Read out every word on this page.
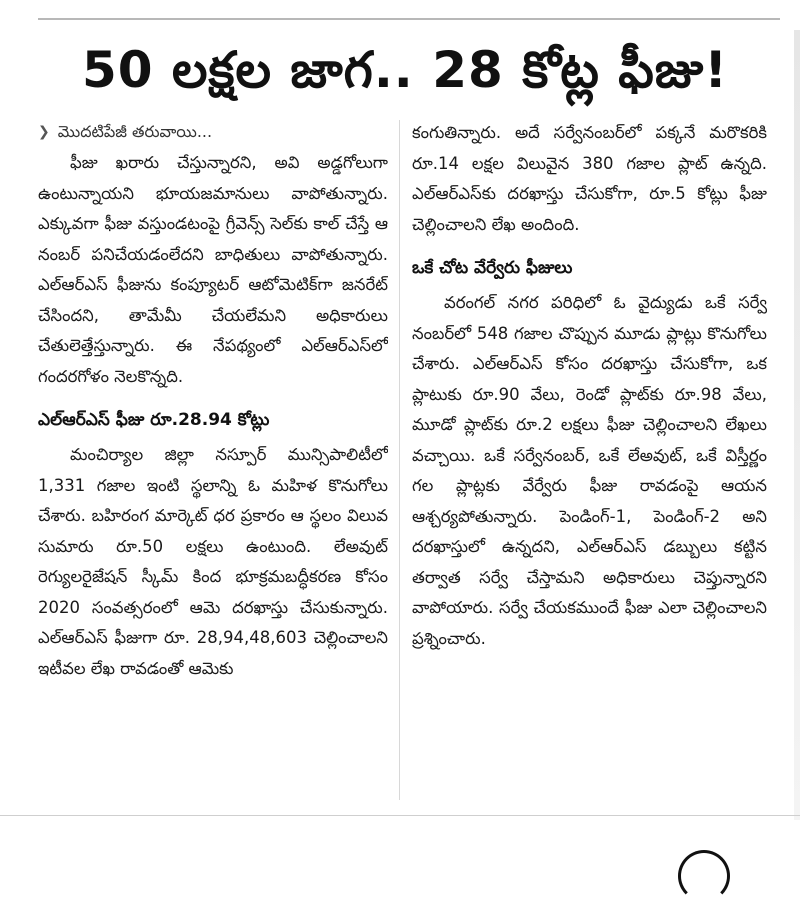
50 లక్షల జాగ.. 28 కోట్ల ఫీజు!
❯ మొదటిపేజీ తరువాయి...

ఫీజు ఖరారు చేస్తున్నారని, అవి అడ్డగోలుగా ఉంటున్నాయని భూయజమానులు వాపోతున్నారు. ఎక్కువగా ఫీజు వస్తుండటంపై గ్రీవెన్స్ సెల్‌కు కాల్ చేస్తే ఆ నంబర్ పనిచేయడంలేదని బాధితులు వాపోతున్నారు. ఎల్‌ఆర్‌ఎస్ ఫీజును కంప్యూటర్ ఆటోమెటిక్‌గా జనరేట్ చేసిందని, తామేమీ చేయలేమని అధికారులు చేతులెత్తేస్తున్నారు. ఈ నేపథ్యంలో ఎల్‌ఆర్‌ఎస్‌లో గందరగోళం నెలకొన్నది.

ఎల్‌ఆర్‌ఎస్ ఫీజు రూ.28.94 కోట్లు

మంచిర్యాల జిల్లా నస్పూర్ మున్సిపాలిటీలో 1,331 గజాల ఇంటి స్థలాన్ని ఓ మహిళ కొనుగోలు చేశారు. బహిరంగ మార్కెట్ ధర ప్రకారం ఆ స్థలం విలువ సుమారు రూ.50 లక్షలు ఉంటుంది. లేఅవుట్ రెగ్యులరైజేషన్ స్కీమ్ కింద భూక్రమబద్ధీకరణ కోసం 2020 సంవత్సరంలో ఆమె దరఖాస్తు చేసుకున్నారు. ఎల్‌ఆర్‌ఎస్ ఫీజుగా రూ. 28,94,48,603 చెల్లించాలని ఇటీవల లేఖ రావడంతో ఆమెకు

కంగుతిన్నారు. అదే సర్వేనంబర్‌లో పక్కనే మరొకరికి రూ.14 లక్షల విలువైన 380 గజాల ప్లాట్ ఉన్నది. ఎల్‌ఆర్‌ఎస్‌కు దరఖాస్తు చేసుకోగా, రూ.5 కోట్లు ఫీజు చెల్లించాలని లేఖ అందింది.

ఒకే చోట వేర్వేరు ఫీజులు

వరంగల్ నగర పరిధిలో ఓ వైద్యుడు ఒకే సర్వే నంబర్‌లో 548 గజాల చొప్పున మూడు ప్లాట్లు కొనుగోలు చేశారు. ఎల్‌ఆర్‌ఎస్ కోసం దరఖాస్తు చేసుకోగా, ఒక ప్లాటుకు రూ.90 వేలు, రెండో ప్లాట్‌కు రూ.98 వేలు, మూడో ప్లాట్‌కు రూ.2 లక్షలు ఫీజు చెల్లించాలని లేఖలు వచ్చాయి. ఒకే సర్వేనంబర్, ఒకే లేఅవుట్, ఒకే విస్తీర్ణం గల ప్లాట్లకు వేర్వేరు ఫీజు రావడంపై ఆయన ఆశ్చర్యపోతున్నారు. పెండింగ్-1, పెండింగ్-2 అని దరఖాస్తులో ఉన్నదని, ఎల్‌ఆర్‌ఎస్ డబ్బులు కట్టిన తర్వాత సర్వే చేస్తామని అధికారులు చెప్తున్నారని వాపోయారు. సర్వే చేయకముందే ఫీజు ఎలా చెల్లించాలని ప్రశ్నించారు.
